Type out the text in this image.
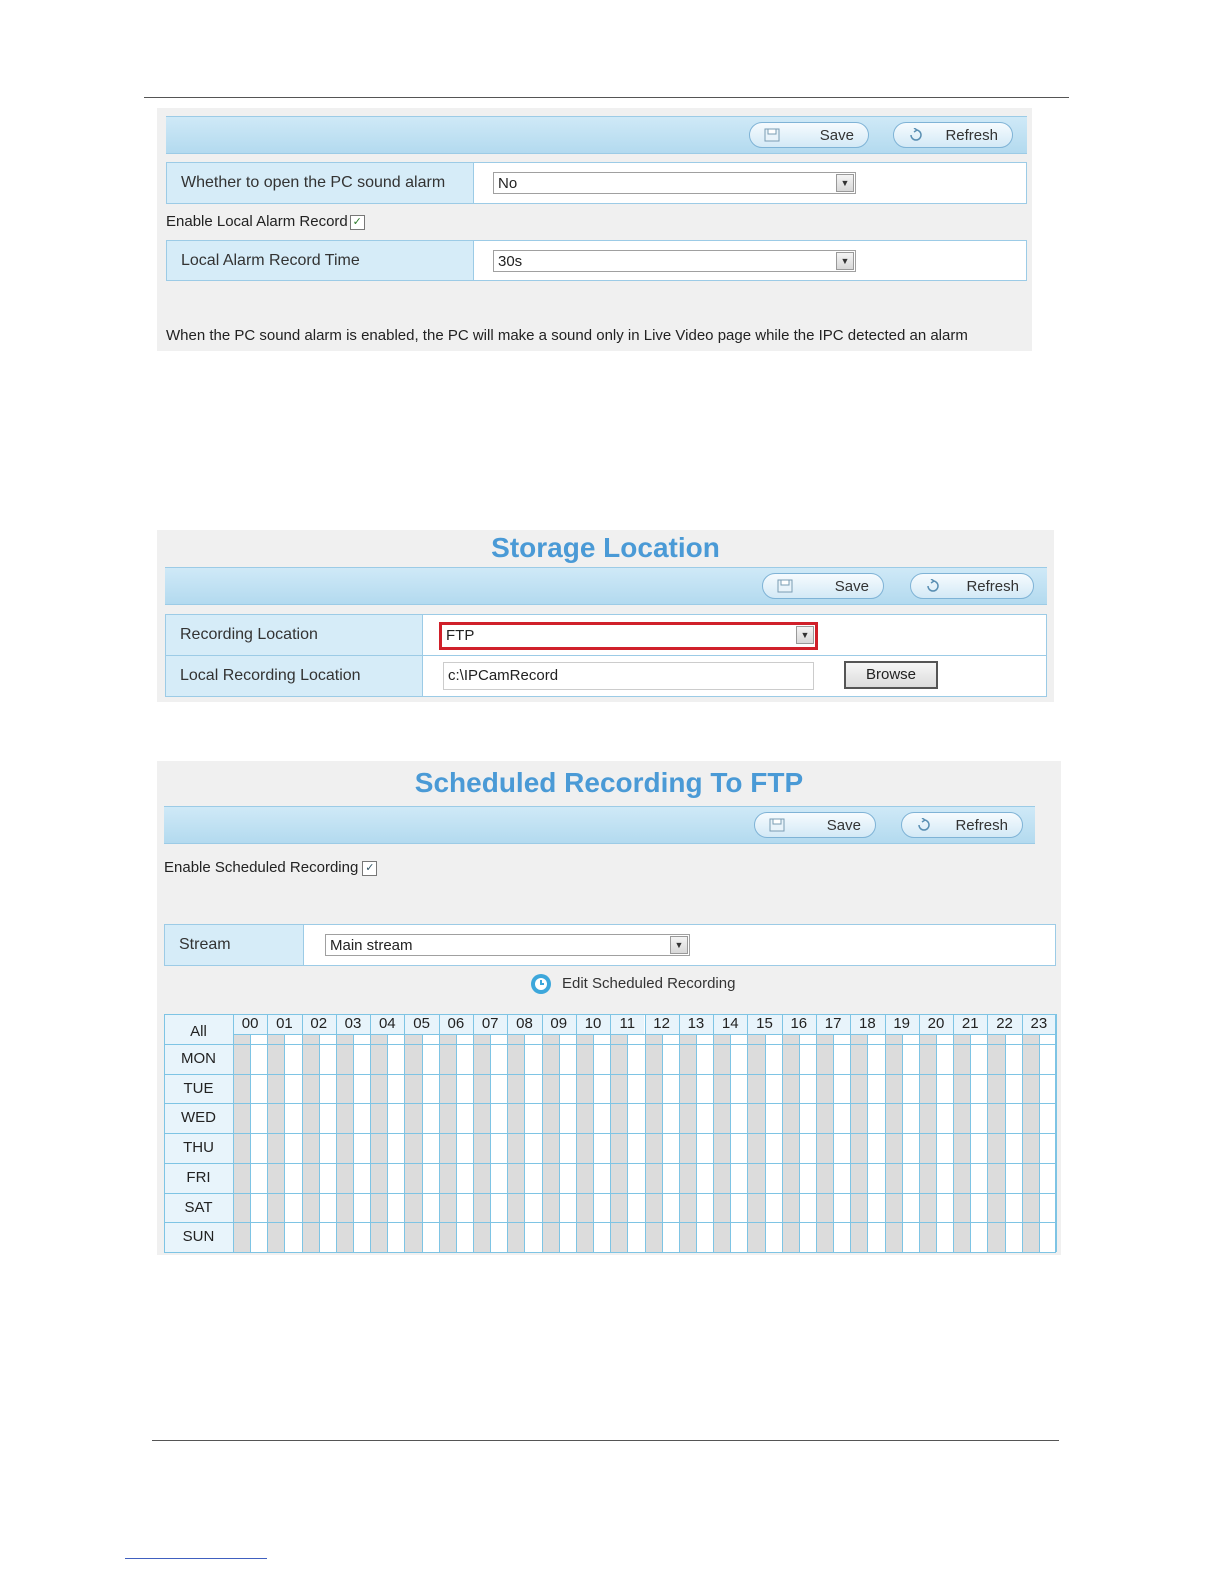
Save	Refresh
Whether to open the PC sound alarm	No	▼
Enable Local Alarm Record ✓
Local Alarm Record Time	30s	▼
When the PC sound alarm is enabled, the PC will make a sound only in Live Video page while the IPC detected an alarm
Storage Location
Save	Refresh
Recording Location	FTP	▼
Local Recording Location	c:\IPCamRecord	Browse
Scheduled Recording To FTP
Save	Refresh
Enable Scheduled Recording ✓
Stream	Main stream	▼
Edit Scheduled Recording
All	00	01	02	03	04	05	06	07	08	09	10	11	12	13	14	15	16	17	18	19	20	21	22	23
MON
TUE
WED
THU
FRI
SAT
SUN
